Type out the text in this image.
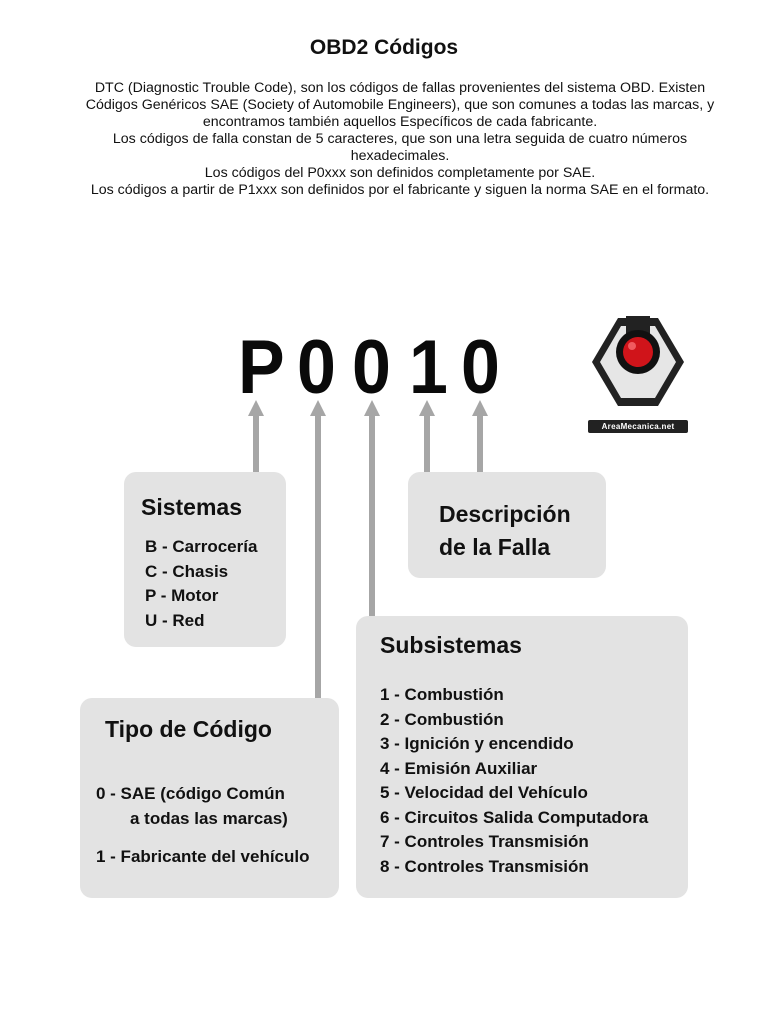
OBD2 Códigos
DTC (Diagnostic Trouble Code), son los códigos de fallas provenientes del sistema OBD. Existen
Códigos Genéricos SAE (Society of Automobile Engineers), que son comunes a todas las marcas, y
encontramos también aquellos Específicos de cada fabricante.
Los códigos de falla constan de 5 caracteres, que son una letra seguida de cuatro números
hexadecimales.
Los códigos del P0xxx son definidos completamente por SAE.
Los códigos a partir de P1xxx son definidos por el fabricante y siguen la norma SAE en el formato.
P 0 0 1 0
AreaMecanica.net
Sistemas
B - Carrocería
C - Chasis
P - Motor
U - Red
Descripción
de la Falla
Subsistemas
1 - Combustión
2 - Combustión
3 - Ignición y encendido
4 - Emisión Auxiliar
5 - Velocidad del Vehículo
6 - Circuitos Salida Computadora
7 - Controles Transmisión
8 - Controles Transmisión
Tipo de Código
0 - SAE (código Común
a todas las marcas)
1 - Fabricante del vehículo
